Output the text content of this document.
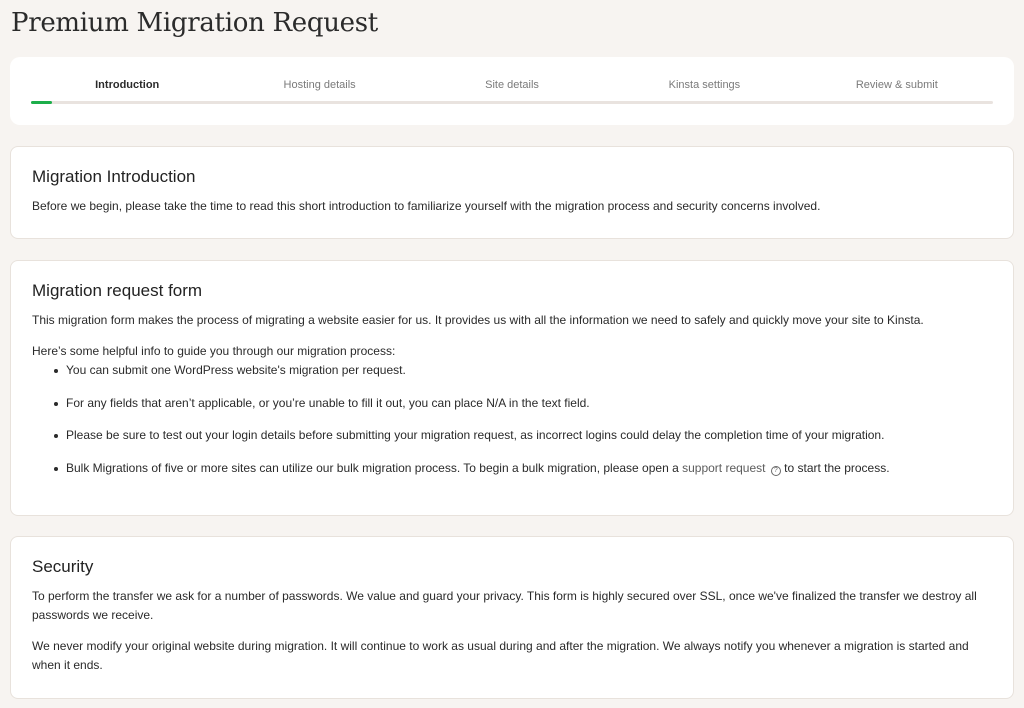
Premium Migration Request
Introduction	Hosting details	Site details	Kinsta settings	Review & submit
Migration Introduction

Before we begin, please take the time to read this short introduction to familiarize yourself with the migration process and security concerns involved.

Migration request form

This migration form makes the process of migrating a website easier for us. It provides us with all the information we need to safely and quickly move your site to Kinsta.

Here’s some helpful info to guide you through our migration process:

You can submit one WordPress website's migration per request.
For any fields that aren’t applicable, or you’re unable to fill it out, you can place N/A in the text field.
Please be sure to test out your login details before submitting your migration request, as incorrect logins could delay the completion time of your migration.
Bulk Migrations of five or more sites can utilize our bulk migration process. To begin a bulk migration, please open a support request ? to start the process.
Security

To perform the transfer we ask for a number of passwords. We value and guard your privacy. This form is highly secured over SSL, once we've finalized the transfer we destroy all passwords we receive.

We never modify your original website during migration. It will continue to work as usual during and after the migration. We always notify you whenever a migration is started and when it ends.
